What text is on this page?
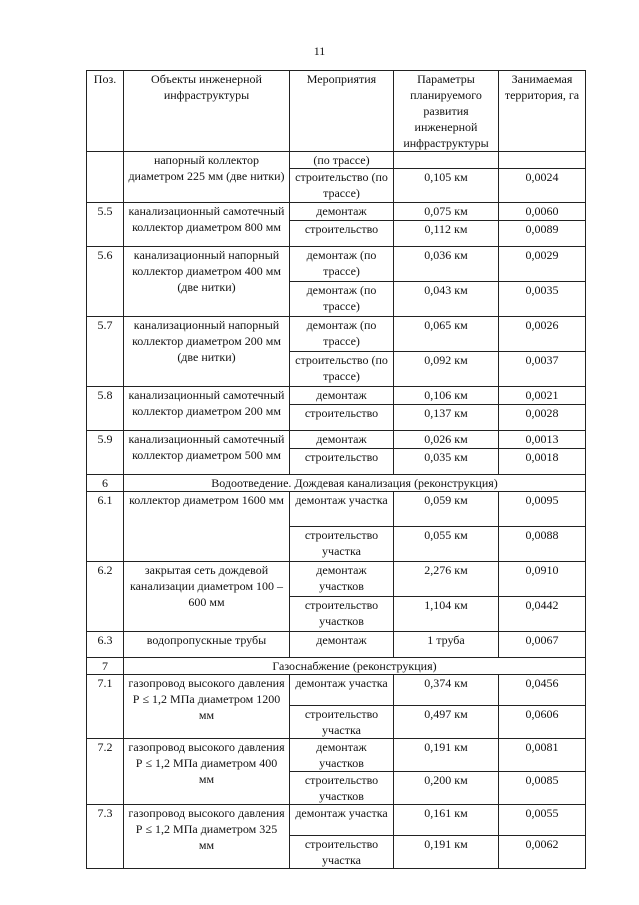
11
Поз.	Объекты инженерной инфраструктуры	Мероприятия	Параметры планируемого развития инженерной инфраструктуры	Занимаемая территория, га
	напорный коллектор диаметром 225 мм (две нитки)	(по трассе)		
		строительство (по трассе)	0,105 км	0,0024
5.5	канализационный самотечный коллектор диаметром 800 мм	демонтаж	0,075 км	0,0060
		строительство	0,112 км	0,0089
5.6	канализационный напорный коллектор диаметром 400 мм (две нитки)	демонтаж (по трассе)	0,036 км	0,0029
		демонтаж (по трассе)	0,043 км	0,0035
5.7	канализационный напорный коллектор диаметром 200 мм (две нитки)	демонтаж (по трассе)	0,065 км	0,0026
		строительство (по трассе)	0,092 км	0,0037
5.8	канализационный самотечный коллектор диаметром 200 мм	демонтаж	0,106 км	0,0021
		строительство	0,137 км	0,0028
5.9	канализационный самотечный коллектор диаметром 500 мм	демонтаж	0,026 км	0,0013
		строительство	0,035 км	0,0018
6	Водоотведение. Дождевая канализация (реконструкция)			
6.1	коллектор диаметром 1600 мм	демонтаж участка	0,059 км	0,0095
		строительство участка	0,055 км	0,0088
6.2	закрытая сеть дождевой канализации диаметром 100 – 600 мм	демонтаж участков	2,276 км	0,0910
		строительство участков	1,104 км	0,0442
6.3	водопропускные трубы	демонтаж	1 труба	0,0067
7	Газоснабжение (реконструкция)			
7.1	газопровод высокого давления Р ≤ 1,2 МПа диаметром 1200 мм	демонтаж участка	0,374 км	0,0456
		строительство участка	0,497 км	0,0606
7.2	газопровод высокого давления Р ≤ 1,2 МПа диаметром 400 мм	демонтаж участков	0,191 км	0,0081
		строительство участков	0,200 км	0,0085
7.3	газопровод высокого давления Р ≤ 1,2 МПа диаметром 325 мм	демонтаж участка	0,161 км	0,0055
		строительство участка	0,191 км	0,0062
